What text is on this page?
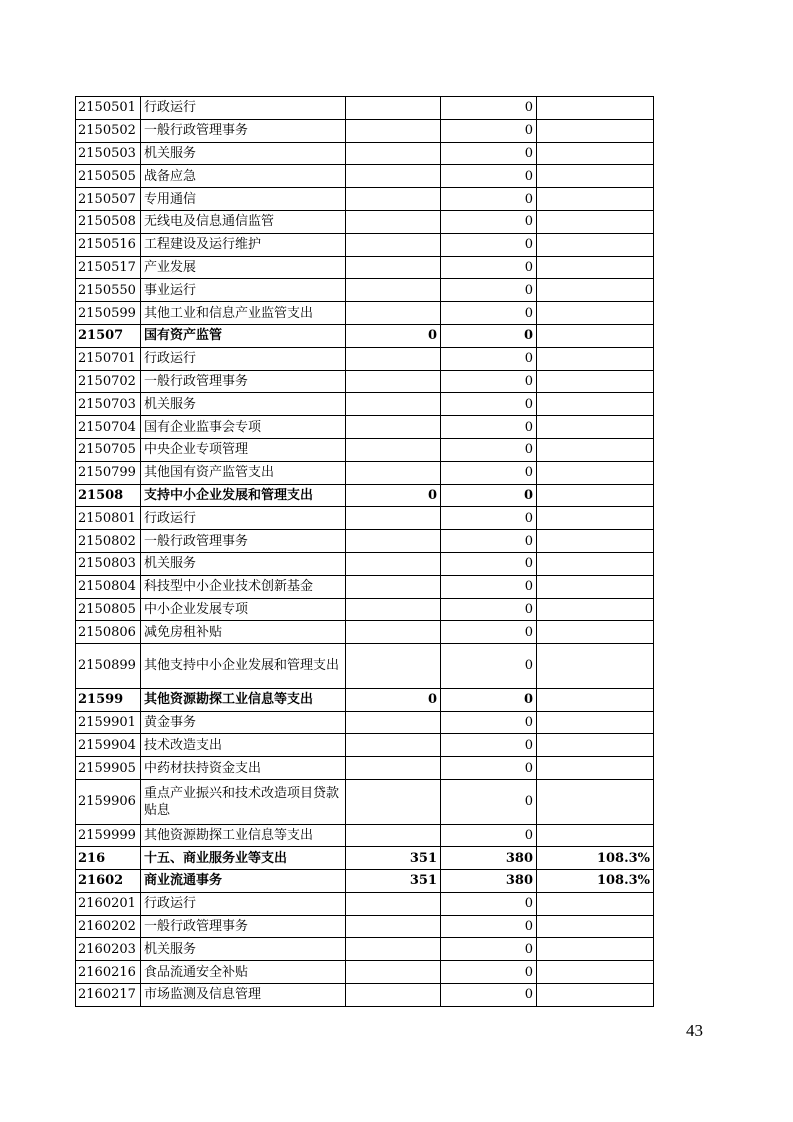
2150501	行政运行		0	
2150502	一般行政管理事务		0	
2150503	机关服务		0	
2150505	战备应急		0	
2150507	专用通信		0	
2150508	无线电及信息通信监管		0	
2150516	工程建设及运行维护		0	
2150517	产业发展		0	
2150550	事业运行		0	
2150599	其他工业和信息产业监管支出		0	
21507	国有资产监管	0	0	
2150701	行政运行		0	
2150702	一般行政管理事务		0	
2150703	机关服务		0	
2150704	国有企业监事会专项		0	
2150705	中央企业专项管理		0	
2150799	其他国有资产监管支出		0	
21508	支持中小企业发展和管理支出	0	0	
2150801	行政运行		0	
2150802	一般行政管理事务		0	
2150803	机关服务		0	
2150804	科技型中小企业技术创新基金		0	
2150805	中小企业发展专项		0	
2150806	减免房租补贴		0	
2150899	其他支持中小企业发展和管理支出		0	
21599	其他资源勘探工业信息等支出	0	0	
2159901	黄金事务		0	
2159904	技术改造支出		0	
2159905	中药材扶持资金支出		0	
2159906	重点产业振兴和技术改造项目贷款贴息		0	
2159999	其他资源勘探工业信息等支出		0	
216	十五、商业服务业等支出	351	380	108.3%
21602	商业流通事务	351	380	108.3%
2160201	行政运行		0	
2160202	一般行政管理事务		0	
2160203	机关服务		0	
2160216	食品流通安全补贴		0	
2160217	市场监测及信息管理		0	
43
